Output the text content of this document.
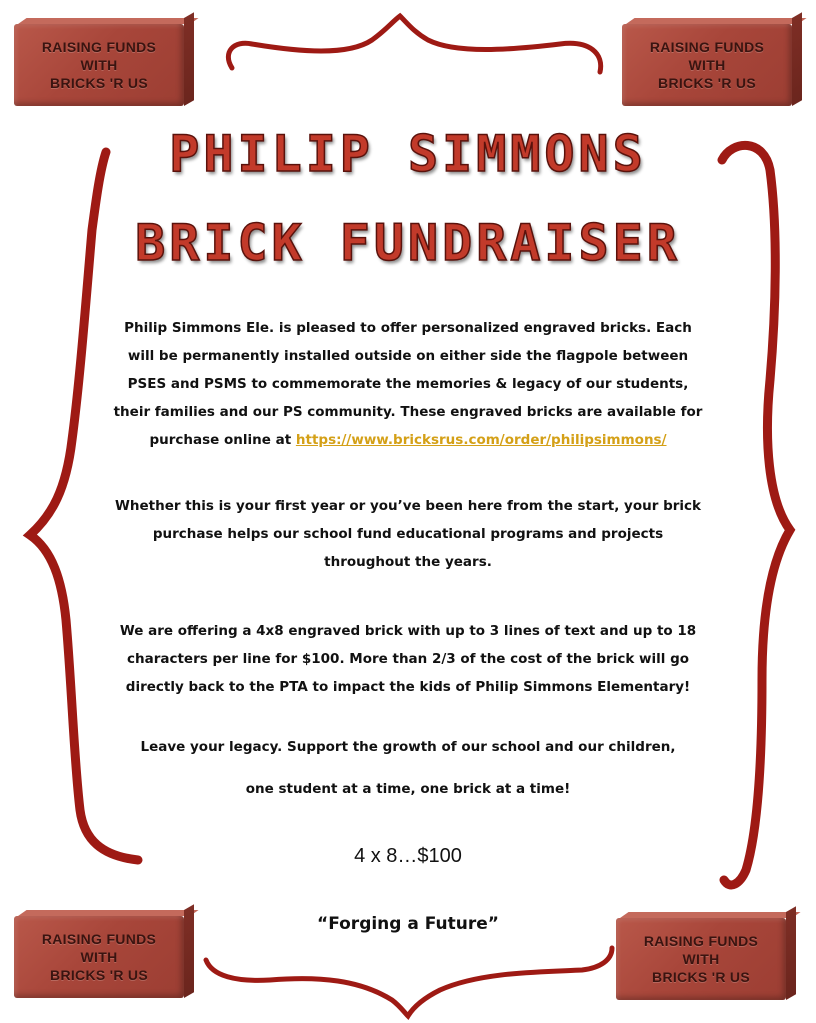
RAISING FUNDS
WITH
BRICKS 'R US
RAISING FUNDS
WITH
BRICKS 'R US
RAISING FUNDS
WITH
BRICKS 'R US
RAISING FUNDS
WITH
BRICKS 'R US
PHILIP SIMMONS
BRICK FUNDRAISER
Philip Simmons Ele. is pleased to offer personalized engraved bricks. Each will be permanently installed outside on either side the flagpole between PSES and PSMS to commemorate the memories & legacy of our students, their families and our PS community. These engraved bricks are available for purchase online at https://www.bricksrus.com/order/philipsimmons/
Whether this is your first year or you’ve been here from the start, your brick purchase helps our school fund educational programs and projects throughout the years.
We are offering a 4x8 engraved brick with up to 3 lines of text and up to 18 characters per line for $100. More than 2/3 of the cost of the brick will go directly back to the PTA to impact the kids of Philip Simmons Elementary!
Leave your legacy. Support the growth of our school and our children,
one student at a time, one brick at a time!
4 x 8…$100
“Forging a Future”
